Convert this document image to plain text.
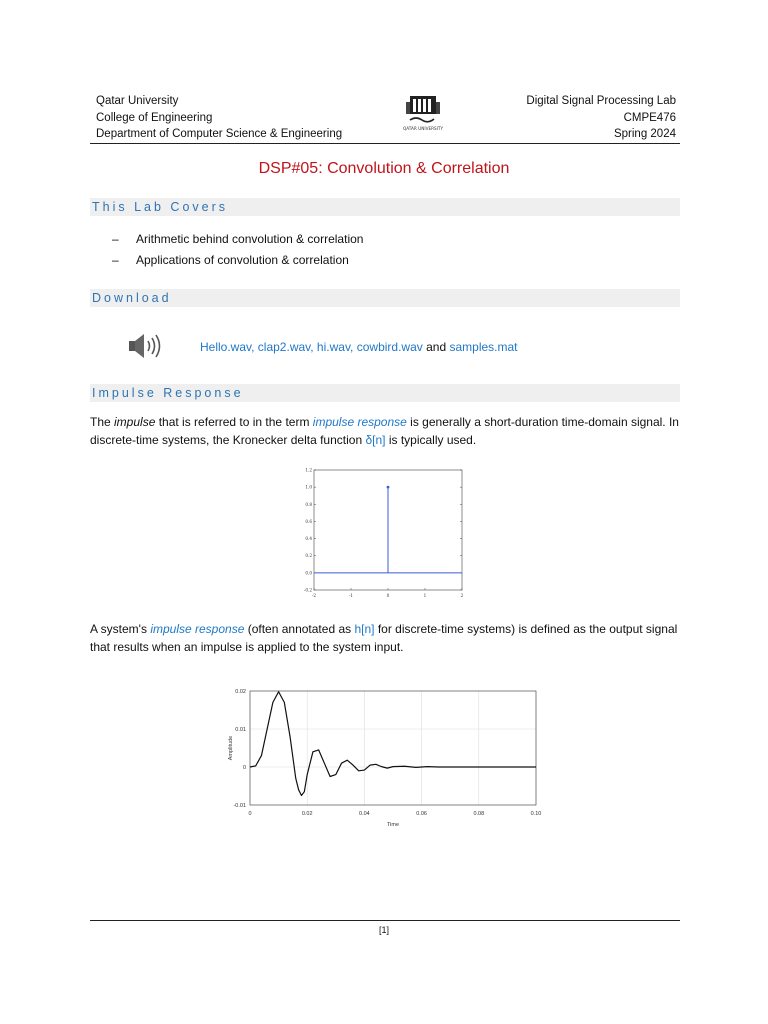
Qatar University
College of Engineering
Department of Computer Science & Engineering	QATAR UNIVERSITY
Digital Signal Processing Lab
CMPE476
Spring 2024
DSP#05: Convolution & Correlation
This Lab Covers
– Arithmetic behind convolution & correlation
– Applications of convolution & correlation
Download
Hello.wav, clap2.wav, hi.wav, cowbird.wav and samples.mat
Impulse Response
The impulse that is referred to in the term impulse response is generally a short-duration time-domain signal. In discrete-time systems, the Kronecker delta function δ[n] is typically used.
-0.2
0.0
0.2
0.4
0.6
0.8
1.0
1.2
-2	-1	0	1	2
A system's impulse response (often annotated as h[n] for discrete-time systems) is defined as the output signal that results when an impulse is applied to the system input.
0	0.02	0.04	0.06	0.08	0.10
-0.01
0
0.01
0.02
Time
Amplitude
[1]
